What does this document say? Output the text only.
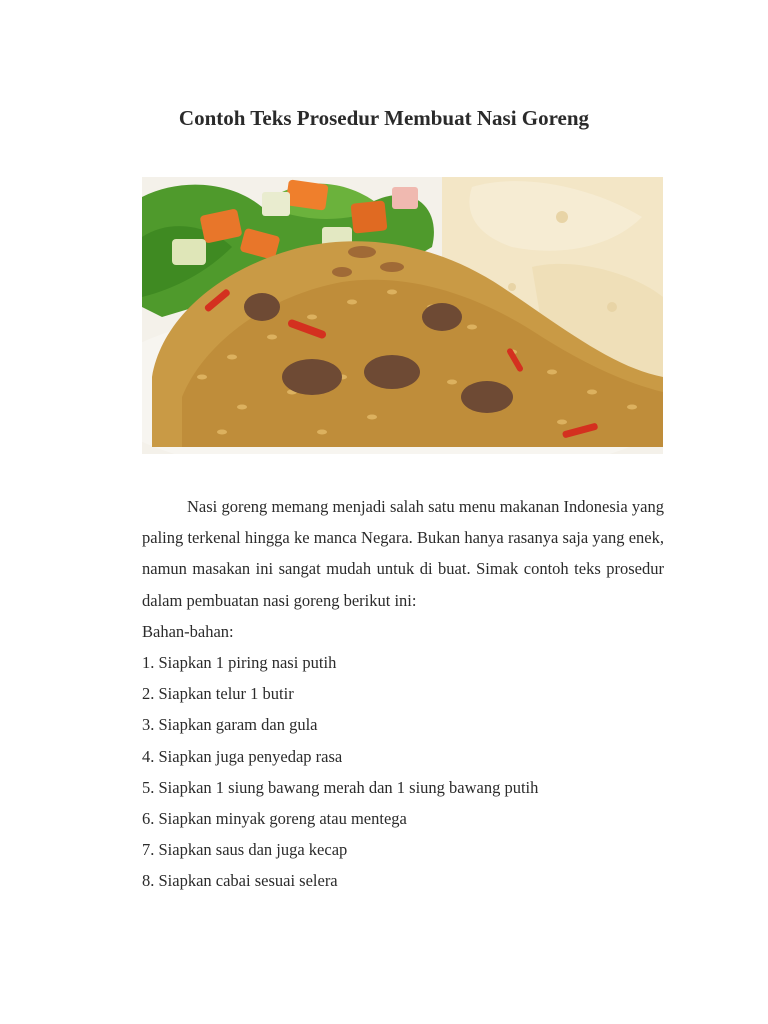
Contoh Teks Prosedur Membuat Nasi Goreng

Nasi goreng memang menjadi salah satu menu makanan Indonesia yang paling terkenal hingga ke manca Negara. Bukan hanya rasanya saja yang enek, namun masakan ini sangat mudah untuk di buat. Simak contoh teks prosedur dalam pembuatan nasi goreng berikut ini:

Bahan-bahan:

1. Siapkan 1 piring nasi putih
2. Siapkan telur 1 butir
3. Siapkan garam dan gula
4. Siapkan juga penyedap rasa
5. Siapkan 1 siung bawang merah dan 1 siung bawang putih
6. Siapkan minyak goreng atau mentega
7. Siapkan saus dan juga kecap
8. Siapkan cabai sesuai selera
